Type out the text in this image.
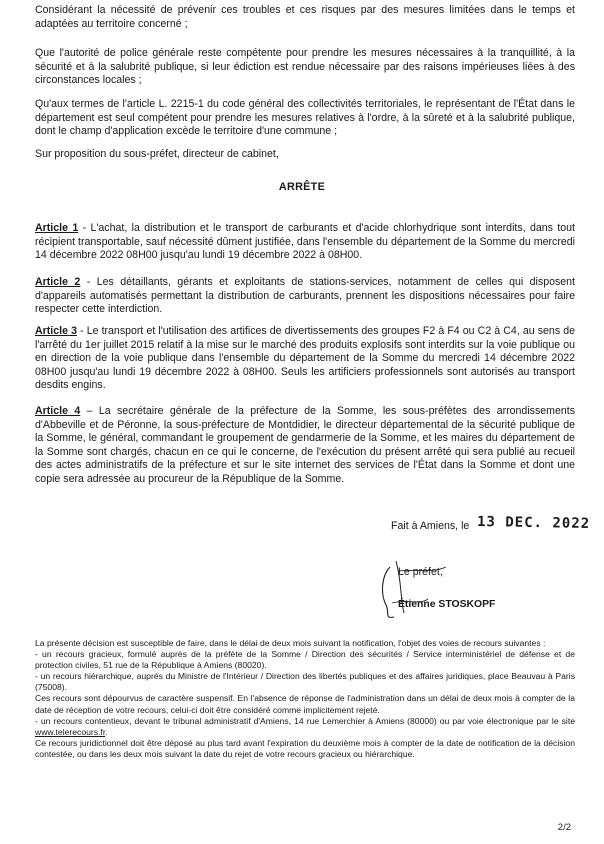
Considérant la nécessité de prévenir ces troubles et ces risques par des mesures limitées dans le temps et adaptées au territoire concerné ;

Que l'autorité de police générale reste compétente pour prendre les mesures nécessaires à la tranquillité, à la sécurité et à la salubrité publique, si leur édiction est rendue nécessaire par des raisons impérieuses liées à des circonstances locales ;

Qu'aux termes de l'article L. 2215-1 du code général des collectivités territoriales, le représentant de l'État dans le département est seul compétent pour prendre les mesures relatives à l'ordre, à la sûreté et à la salubrité publique, dont le champ d'application excède le territoire d'une commune ;

Sur proposition du sous-préfet, directeur de cabinet,

ARRÊTE

Article 1 - L'achat, la distribution et le transport de carburants et d'acide chlorhydrique sont interdits, dans tout récipient transportable, sauf nécessité dûment justifiée, dans l'ensemble du département de la Somme du mercredi 14 décembre 2022 08H00 jusqu'au lundi 19 décembre 2022 à 08H00.

Article 2 - Les détaillants, gérants et exploitants de stations-services, notamment de celles qui disposent d'appareils automatisés permettant la distribution de carburants, prennent les dispositions nécessaires pour faire respecter cette interdiction.

Article 3 - Le transport et l'utilisation des artifices de divertissements des groupes F2 à F4 ou C2 à C4, au sens de l'arrêté du 1er juillet 2015 relatif à la mise sur le marché des produits explosifs sont interdits sur la voie publique ou en direction de la voie publique dans l'ensemble du département de la Somme du mercredi 14 décembre 2022 08H00 jusqu'au lundi 19 décembre 2022 à 08H00. Seuls les artificiers professionnels sont autorisés au transport desdits engins.

Article 4 – La secrétaire générale de la préfecture de la Somme, les sous-préfètes des arrondissements d'Abbeville et de Péronne, la sous-préfecture de Montdidier, le directeur départemental de la sécurité publique de la Somme, le général, commandant le groupement de gendarmerie de la Somme, et les maires du département de la Somme sont chargés, chacun en ce qui le concerne, de l'exécution du présent arrêté qui sera publié au recueil des actes administratifs de la préfecture et sur le site internet des services de l'État dans la Somme et dont une copie sera adressée au procureur de la République de la Somme.

Fait à Amiens, le 13 DEC. 2022
Le préfet,
Étienne STOSKOPF

La présente décision est susceptible de faire, dans le délai de deux mois suivant la notification, l'objet des voies de recours suivantes :

- un recours gracieux, formulé auprès de la préfète de la Somme / Direction des sécurités / Service interministériel de défense et de protection civiles, 51 rue de la République à Amiens (80020).

- un recours hiérarchique, auprès du Ministre de l'Intérieur / Direction des libertés publiques et des affaires juridiques, place Beauvau à Paris (75008).

Ces recours sont dépourvus de caractère suspensif. En l'absence de réponse de l'administration dans un délai de deux mois à compter de la date de réception de votre recours, celui-ci doit être considéré comme implicitement rejeté.

- un recours contentieux, devant le tribunal administratif d'Amiens, 14 rue Lemerchier à Amiens (80000) ou par voie électronique par le site www.telerecours.fr.

Ce recours juridictionnel doit être déposé au plus tard avant l'expiration du deuxième mois à compter de la date de notification de la décision contestée, ou dans les deux mois suivant la date du rejet de votre recours gracieux ou hiérarchique.

2/2
